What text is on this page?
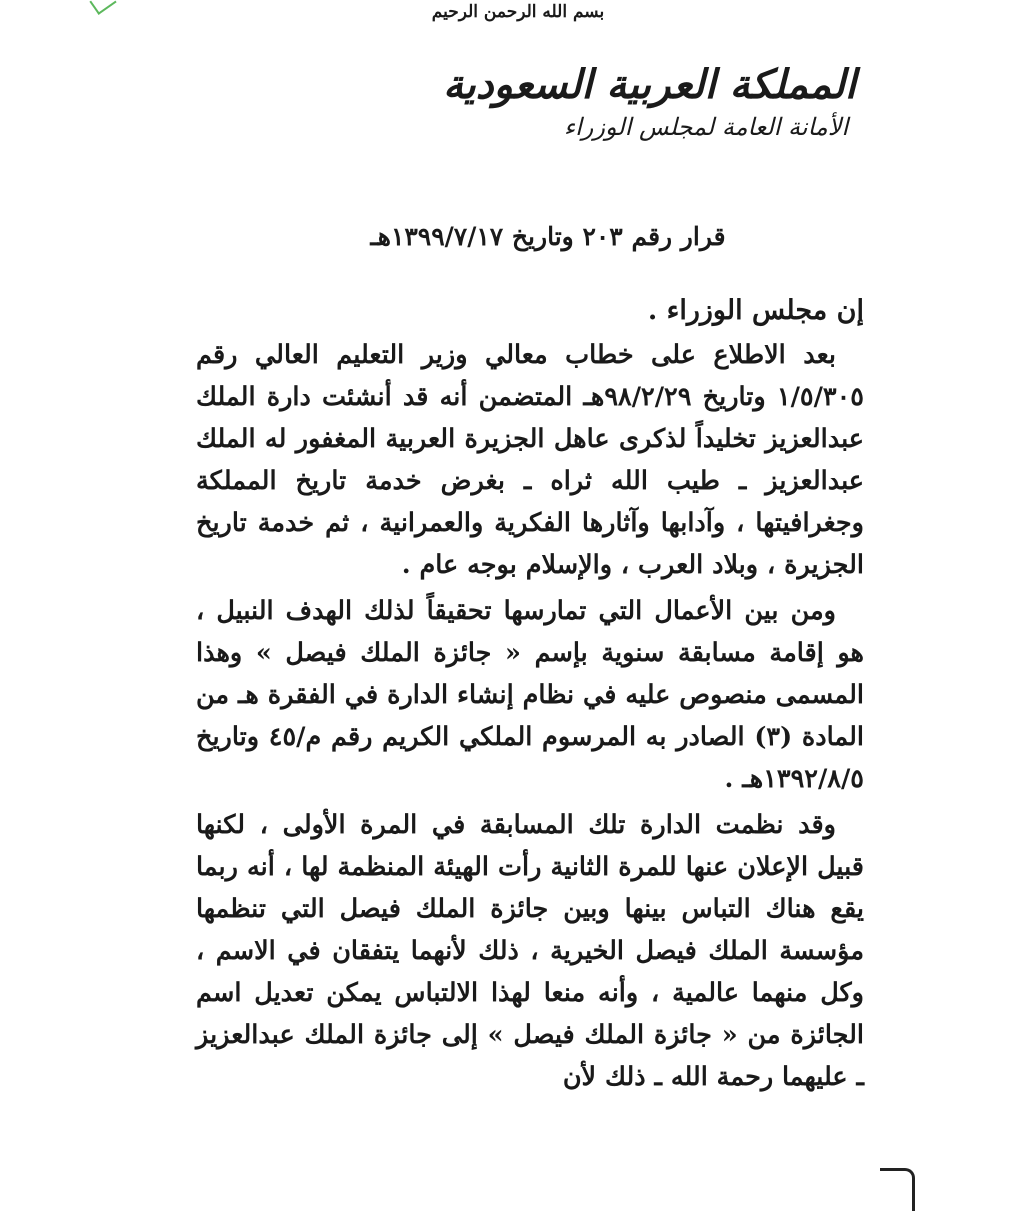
بسم الله الرحمن الرحيم
المملكة العربية السعودية
الأمانة العامة لمجلس الوزراء
قرار رقم ٢٠٣ وتاريخ ١٣٩٩/٧/١٧هـ

إن مجلس الوزراء .

بعد الاطلاع على خطاب معالي وزير التعليم العالي رقم ١/٥/٣٠٥ وتاريخ ٩٨/٢/٢٩هـ المتضمن أنه قد أنشئت دارة الملك عبدالعزيز تخليداً لذكرى عاهل الجزيرة العربية المغفور له الملك عبدالعزيز ـ طيب الله ثراه ـ بغرض خدمة تاريخ المملكة وجغرافيتها ، وآدابها وآثارها الفكرية والعمرانية ، ثم خدمة تاريخ الجزيرة ، وبلاد العرب ، والإسلام بوجه عام .

ومن بين الأعمال التي تمارسها تحقيقاً لذلك الهدف النبيل ، هو إقامة مسابقة سنوية بإسم « جائزة الملك فيصل » وهذا المسمى منصوص عليه في نظام إنشاء الدارة في الفقرة هـ من المادة (٣) الصادر به المرسوم الملكي الكريم رقم م/٤٥ وتاريخ ١٣٩٢/٨/٥هـ .

وقد نظمت الدارة تلك المسابقة في المرة الأولى ، لكنها قبيل الإعلان عنها للمرة الثانية رأت الهيئة المنظمة لها ، أنه ربما يقع هناك التباس بينها وبين جائزة الملك فيصل التي تنظمها مؤسسة الملك فيصل الخيرية ، ذلك لأنهما يتفقان في الاسم ، وكل منهما عالمية ، وأنه منعا لهذا الالتباس يمكن تعديل اسم الجائزة من « جائزة الملك فيصل » إلى جائزة الملك عبدالعزيز ـ عليهما رحمة الله ـ ذلك لأن
